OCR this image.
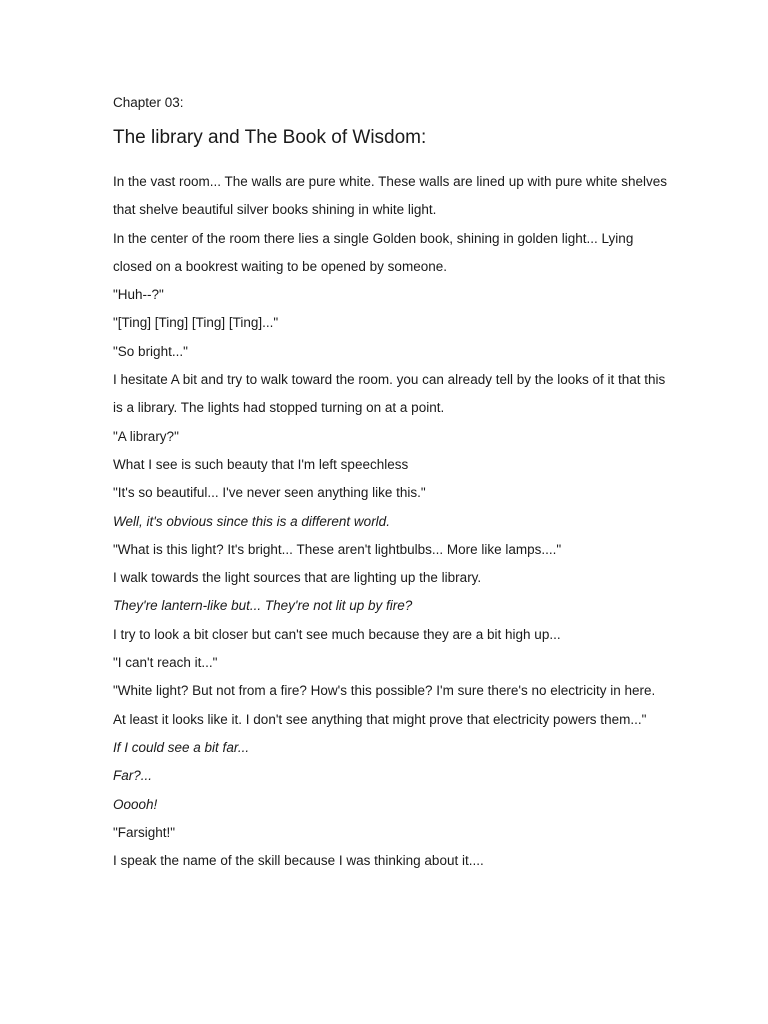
Chapter 03:
The library and The Book of Wisdom:

In the vast room... The walls are pure white. These walls are lined up with pure white shelves that shelve beautiful silver books shining in white light.

In the center of the room there lies a single Golden book, shining in golden light... Lying closed on a bookrest waiting to be opened by someone.

"Huh--?"

"[Ting] [Ting] [Ting] [Ting]..."

"So bright..."

I hesitate A bit and try to walk toward the room. you can already tell by the looks of it that this is a library. The lights had stopped turning on at a point.

"A library?"

What I see is such beauty that I'm left speechless

"It's so beautiful... I've never seen anything like this."

Well, it's obvious since this is a different world.

"What is this light? It's bright... These aren't lightbulbs... More like lamps...."

I walk towards the light sources that are lighting up the library.

They're lantern-like but... They're not lit up by fire?

I try to look a bit closer but can't see much because they are a bit high up...

"I can't reach it..."

"White light? But not from a fire? How's this possible? I'm sure there's no electricity in here. At least it looks like it. I don't see anything that might prove that electricity powers them..."

If I could see a bit far...

Far?...

Ooooh!

"Farsight!"

I speak the name of the skill because I was thinking about it....
